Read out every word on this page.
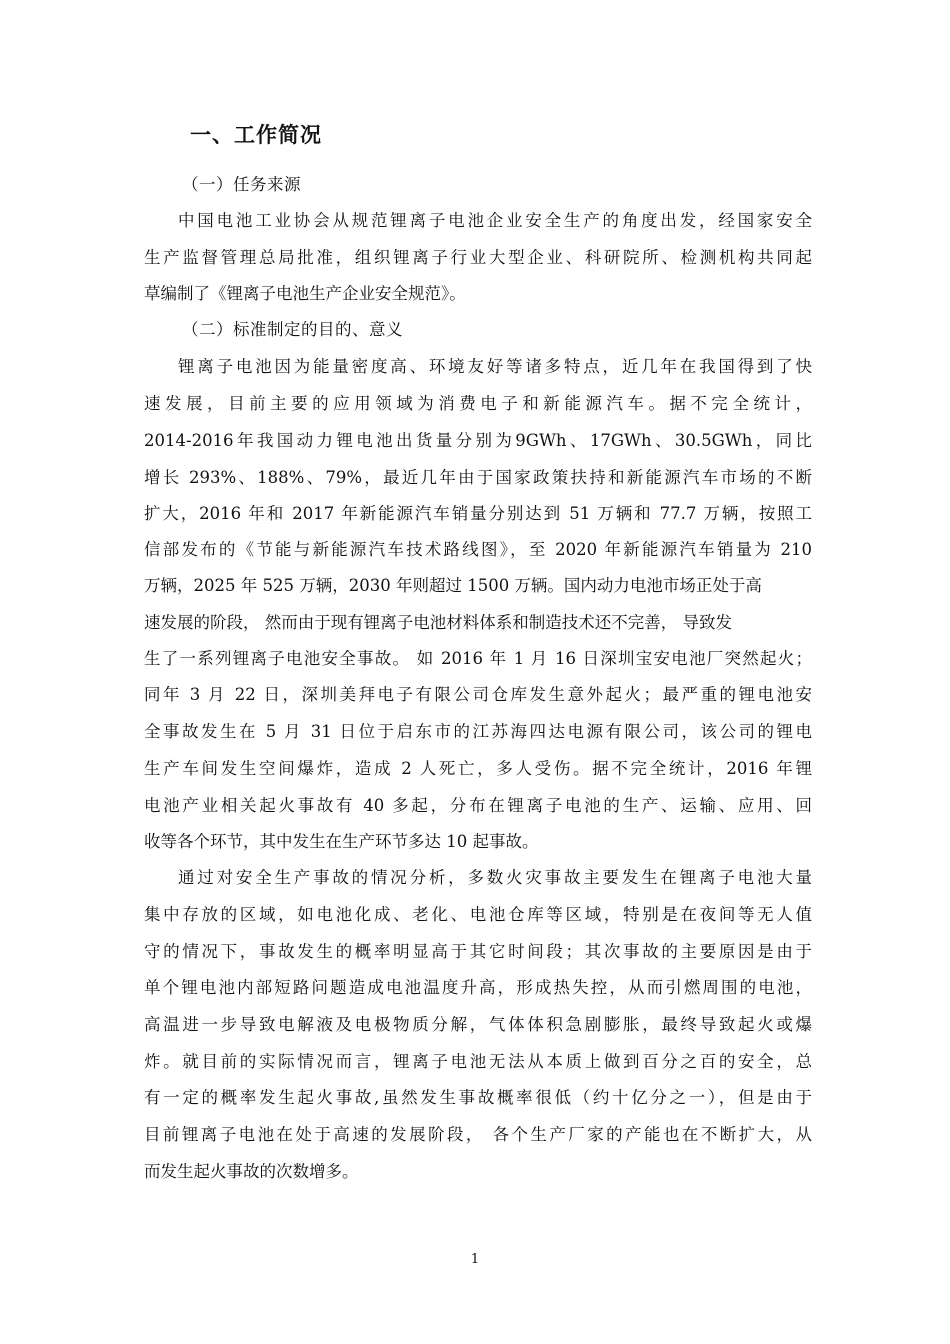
一、工作简况
（一）任务来源
中国电池工业协会从规范锂离子电池企业安全生产的角度出发，经国家安全
生产监督管理总局批准，组织锂离子行业大型企业、科研院所、检测机构共同起
草编制了《锂离子电池生产企业安全规范》。
（二）标准制定的目的、意义
锂离子电池因为能量密度高、环境友好等诸多特点，近几年在我国得到了快
速发展，目前主要的应用领域为消费电子和新能源汽车。据不完全统计，
2014-2016年我国动力锂电池出货量分别为9GWh、17GWh、30.5GWh，同比
增长 293%、188%、79%，最近几年由于国家政策扶持和新能源汽车市场的不断
扩大，2016 年和 2017 年新能源汽车销量分别达到 51 万辆和 77.7 万辆，按照工
信部发布的《节能与新能源汽车技术路线图》，至 2020 年新能源汽车销量为 210
万辆，2025 年 525 万辆，2030 年则超过 1500 万辆。国内动力电池市场正处于高
速发展的阶段， 然而由于现有锂离子电池材料体系和制造技术还不完善， 导致发
生了一系列锂离子电池安全事故。 如 2016 年 1 月 16 日深圳宝安电池厂突然起火；
同年 3 月 22 日，深圳美拜电子有限公司仓库发生意外起火；最严重的锂电池安
全事故发生在 5 月 31 日位于启东市的江苏海四达电源有限公司，该公司的锂电
生产车间发生空间爆炸，造成 2 人死亡，多人受伤。据不完全统计，2016 年锂
电池产业相关起火事故有 40 多起，分布在锂离子电池的生产、运输、应用、回
收等各个环节，其中发生在生产环节多达 10 起事故。
通过对安全生产事故的情况分析，多数火灾事故主要发生在锂离子电池大量
集中存放的区域，如电池化成、老化、电池仓库等区域，特别是在夜间等无人值
守的情况下，事故发生的概率明显高于其它时间段；其次事故的主要原因是由于
单个锂电池内部短路问题造成电池温度升高，形成热失控，从而引燃周围的电池，
高温进一步导致电解液及电极物质分解，气体体积急剧膨胀，最终导致起火或爆
炸。就目前的实际情况而言，锂离子电池无法从本质上做到百分之百的安全，总
有一定的概率发生起火事故,虽然发生事故概率很低（约十亿分之一），但是由于
目前锂离子电池在处于高速的发展阶段， 各个生产厂家的产能也在不断扩大，从
而发生起火事故的次数增多。
1
